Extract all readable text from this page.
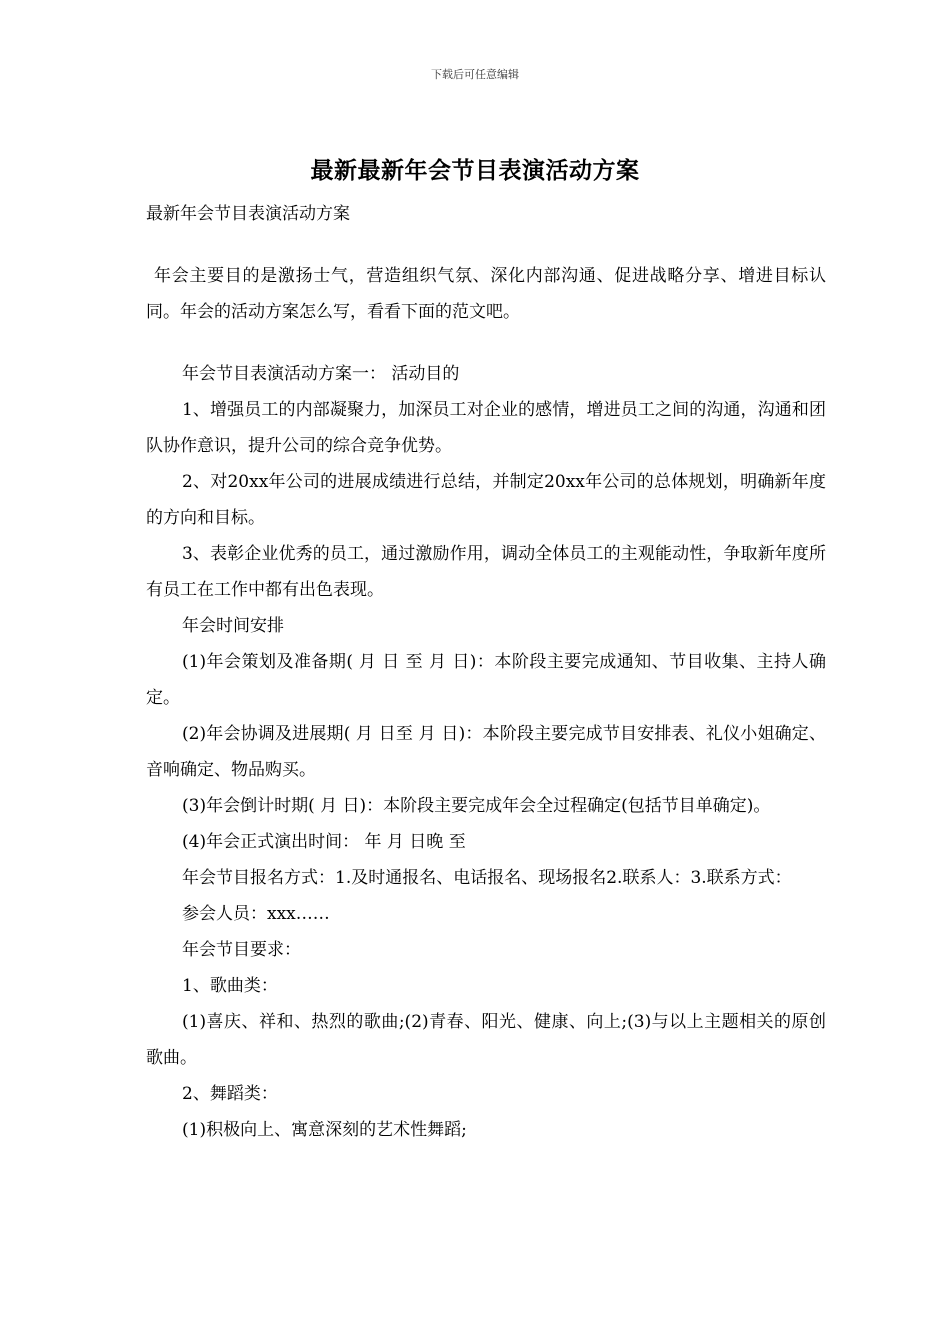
下载后可任意编辑
最新最新年会节目表演活动方案

最新年会节目表演活动方案

年会主要目的是激扬士气，营造组织气氛、深化内部沟通、促进战略分享、增进目标认同。年会的活动方案怎么写，看看下面的范文吧。

年会节目表演活动方案一： 活动目的

1、增强员工的内部凝聚力，加深员工对企业的感情，增进员工之间的沟通，沟通和团队协作意识，提升公司的综合竞争优势。

2、对20xx年公司的进展成绩进行总结，并制定20xx年公司的总体规划，明确新年度的方向和目标。

3、表彰企业优秀的员工，通过激励作用，调动全体员工的主观能动性，争取新年度所有员工在工作中都有出色表现。

年会时间安排

(1)年会策划及准备期( 月 日 至 月 日)：本阶段主要完成通知、节目收集、主持人确定。

(2)年会协调及进展期( 月 日至 月 日)：本阶段主要完成节目安排表、礼仪小姐确定、音响确定、物品购买。

(3)年会倒计时期( 月 日)：本阶段主要完成年会全过程确定(包括节目单确定)。

(4)年会正式演出时间： 年 月 日晚 至

年会节目报名方式：1.及时通报名、电话报名、现场报名2.联系人：3.联系方式：

参会人员：xxx……

年会节目要求：

1、歌曲类：

(1)喜庆、祥和、热烈的歌曲;(2)青春、阳光、健康、向上;(3)与以上主题相关的原创歌曲。

2、舞蹈类：

(1)积极向上、寓意深刻的艺术性舞蹈;
